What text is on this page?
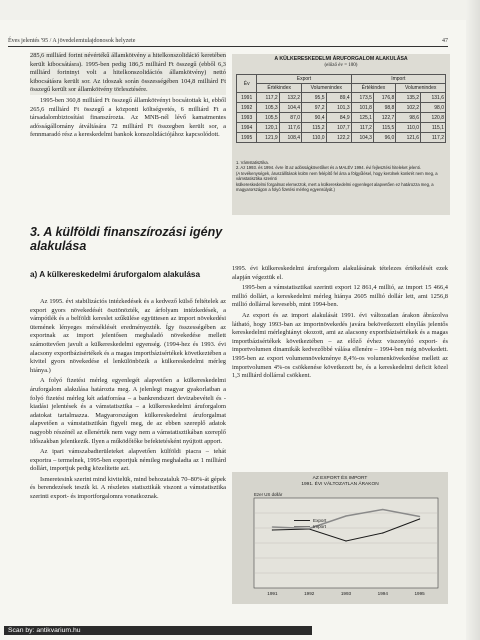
Éves jelentés '95 / A jövedelemtulajdonosok helyzete	47

285,6 milliárd forint névértékű államkötvény a hitelkonszolidáció keretében került kibocsátásra). 1995-ben pedig 186,5 milliárd Ft összegű (ebből 6,3 milliárd forintnyi volt a hitelkonszolidációs államkötvény) nettó kibocsátásra került sor. Az idoszak során összességében 104,8 milliárd Ft összegű került sor államkötvény törlesztésére.

1995-ben 360,8 milliárd Ft összegű államkötvényt bocsátottak ki, ebből 265,6 milliárd Ft összegű a központi költségvetés, 6 milliárd Ft a társadalombiztosítási finanszírozta. Az MNB-nél lévő kamatmentes adósságállomány átváltására 72 milliárd Ft összegben került sor, a fennmaradó rész a kereskedelmi bankok konszolidációjához kapcsolódott.

3. A külföldi finanszírozási igény alakulása
a) A külkereskedelmi áruforgalom alakulása

Az 1995. évi stabilizációs intézkedések és a kedvező külső feltételek az export gyors növekedését ösztönözték, az árfolyam intézkedések, a vámpótlék és a belföldi kereslet szűkülése együttesen az import növekedési ütemének lényeges mérséklését eredményezték. Így összességében az exportnak az import jelentősen meghaladó növekedése mellett számottevően javult a külkereskedelmi egyenség. (1994-hez és 1993. évi alacsony exportbázisértékek és a magas importbázisértékek következtében a kivitel gyors növekedése el lenkülönbözik a külkereskedelmi mérleg hiánya.)

A folyó fizetési mérleg egyenlegét alapvetően a külkereskedelmi áruforgalom alakulása határozta meg. A jelenlegi magyar gyakorlatban a folyó fizetési mérleg két adatforrása – a bankrendszeri devizabevételi és -kiadási jelentések és a vámstatisztika – a külkereskedelmi áruforgalom adatokat tartalmazza. Magyarországon külkereskedelmi áruforgalmat alapvetően a vámstatisztikán figyeli meg, de az ebben szereplő adatok nagyobb részénél az ellenérték nem vagy nem a vámstatisztikában szereplő időszakban jelentkezik. Ilyen a működőtőke befektetésként nyújtott apport.

Az ipari vámszabadterületeket alapvetően külföldi piacra – tehát exportra – termelnek, 1995-ben exportjuk némileg meghaladta az 1 milliárd dollárt, importjuk pedig közelítette azt.

Ismeretesink szerint mind kivitelük, mind behozataluk 70–80%-át gépek és berendezések teszik ki. A részletes statisztikák viszont a vámstatisztika szerinti export- és importforgalomra vonatkoznak.

1995. évi külkereskedelmi áruforgalom alakulásának tételezes értékelését ezek alapján végeztük el.

1995-ben a vámstatisztikai szerinti export 12 861,4 millió, az import 15 466,4 millió dollárt, a kereskedelmi mérleg hiánya 2605 millió dollár lett, ami 1256,8 millió dollárral kevesebb, mint 1994-ben.

Az export és az import alakulását 1991. évi változatlan árakon ábrázolva látható, hogy 1993-ban az importnövekedés javára bekövetkezett elnyílás jelentős kereskedelmi mérleghiányt okozott, ami az alacsony exportbázisértékek és a magas importbázisértékek következtében – az előző évhez viszonyító export- és importvolumen dinamikák kedvezőbbé válása ellenére – 1994-ben még növekedett. 1995-ben az export volumennövekménye 8,4%-os volumenkövekedése mellett az importvolumen 4%-os csökkenése következett be, és a kereskedelmi deficit közel 1,3 milliárd dollárral csökkent.

A KÜLKERESKEDELMI ÁRUFORGALOM ALAKULÁSA
(előző év = 100)
Év	Export				Import			
	Értékindex		Volumenindex		Értékindex		Volumenindex	
1991	117,2	132,2	95,5	89,4	173,5	176,8	135,2	131,6
1992	105,3	104,4	97,2	101,3	101,8	98,8	102,2	98,0
1993	105,5	87,0	90,4	84,9	125,1	122,7	98,6	120,8
1994	120,1	117,6	115,2	107,7	117,2	115,5	110,0	115,1
1995	121,9	108,4	110,0	122,2	104,3	96,0	121,6	117,2
1. Vámstatisztika.
2. Az 1993. és 1994. évre ítt az adósságkövetőket és a MALÉV 1994. évi fejlesztési hiteleket jelenti.
(A tevékenységek, áruszállítások külön nem felépítő fel árra a fölgyűlésel, hogy kerülnek konkrét nem meg, a vámstatisztika szerinti
külkereskedelmi forgalmat elemezzük, mert a külkereskedelmi egyenleget alapvetően ez határozza meg, a magyarországon a folyó fizetési mérleg egyensúlyát.)
AZ EXPORT ÉS IMPORT
1991. ÉVI VÁLTOZATLAN ÁRAKON
Ezer US dollár
1991	1992	1993	1994	1995
Export
Import
Scan by: antikvarium.hu
